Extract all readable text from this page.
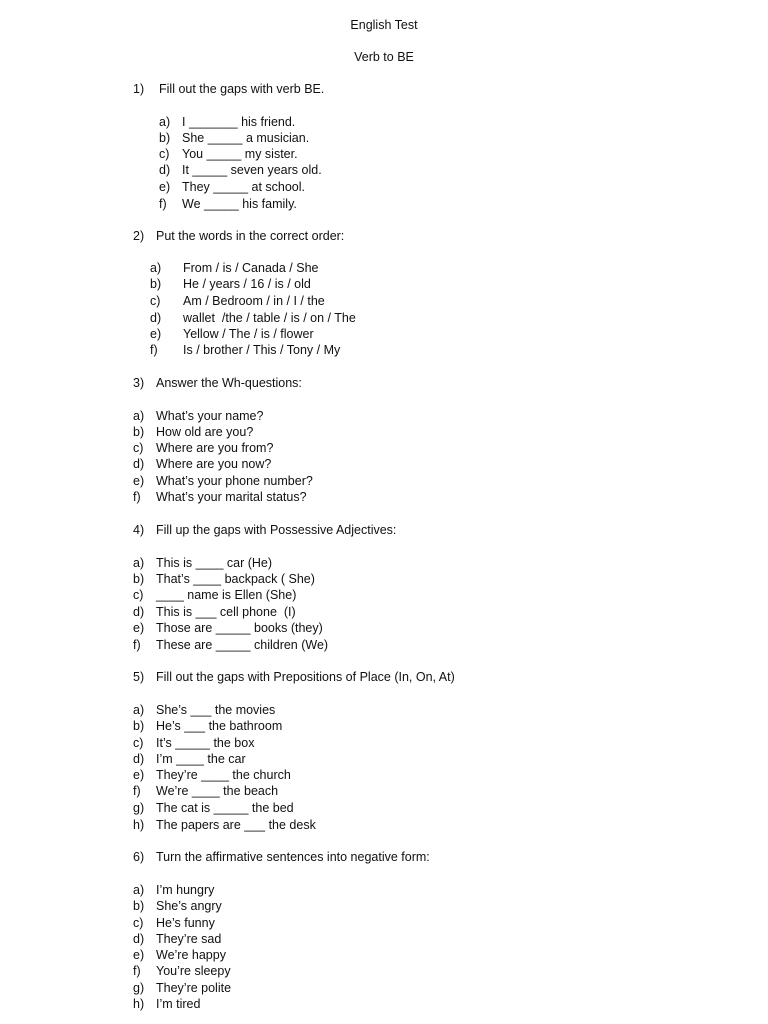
English Test
Verb to BE
1) Fill out the gaps with verb BE.
a) I _______ his friend.
b) She _____ a musician.
c) You _____ my sister.
d) It _____ seven years old.
e) They _____ at school.
f) We _____ his family.
2) Put the words in the correct order:
a) From / is / Canada / She
b) He / years / 16 / is / old
c) Am / Bedroom / in / I / the
d) wallet  /the / table / is / on / The
e) Yellow / The / is / flower
f) Is / brother / This / Tony / My
3) Answer the Wh-questions:
a) What’s your name?
b) How old are you?
c) Where are you from?
d) Where are you now?
e) What’s your phone number?
f) What’s your marital status?
4) Fill up the gaps with Possessive Adjectives:
a) This is ____ car (He)
b) That’s ____ backpack ( She)
c) ____ name is Ellen (She)
d) This is ___ cell phone  (I)
e) Those are _____ books (they)
f) These are _____ children (We)
5) Fill out the gaps with Prepositions of Place (In, On, At)
a) She’s ___ the movies
b) He’s ___ the bathroom
c) It’s _____ the box
d) I’m ____ the car
e) They’re ____ the church
f) We’re ____ the beach
g) The cat is _____ the bed
h) The papers are ___ the desk
6) Turn the affirmative sentences into negative form:
a) I’m hungry
b) She’s angry
c) He’s funny
d) They’re sad
e) We’re happy
f) You’re sleepy
g) They’re polite
h) I’m tired
